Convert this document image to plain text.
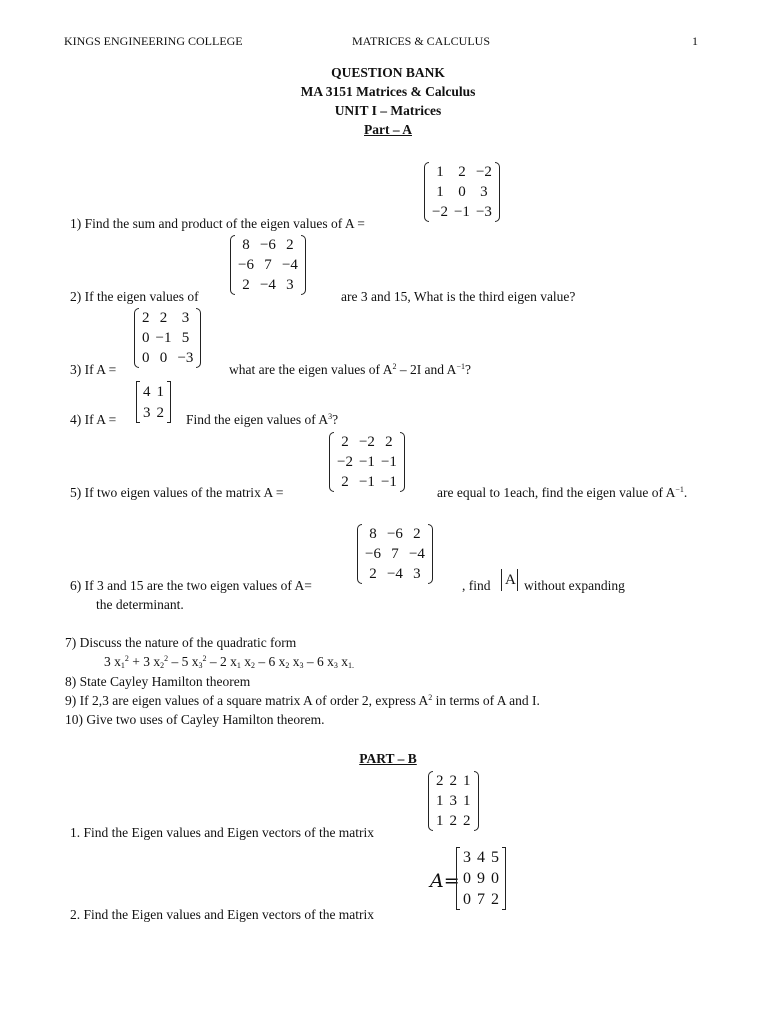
KINGS ENGINEERING COLLEGE	MATRICES & CALCULUS	1
QUESTION BANK
MA 3151 Matrices & Calculus
UNIT I – Matrices
Part – A
1) Find the sum and product of the eigen values of A =
1	2	−2
1	0	3
−2	−1	−3
2) If the eigen values of
8	−6	2
−6	7	−4
2	−4	3
are 3 and 15, What is the third eigen value?
3) If A =
2	2	3
0	−1	5
0	0	−3
what are the eigen values of $A^2 - 2I$ and $A^{-1}$?
4) If A =
4	1
3	2 Find the eigen values of $A^3$?
5) If two eigen values of the matrix A =
2	−2	2
−2	−1	−1
2	−1	−1
are equal to 1each, find the eigen value of $A^{-1}$.
6) If 3 and 15 are the two eigen values of A=
8	−6	2
−6	7	−4
2	−4	3
, find A without expanding
the determinant.
7) Discuss the nature of the quadratic form
3 $x_1^2 + 3$ $x_2^2 - 5$ $x_3^2 - 2$ $x_1$ $x_2 - 6$ $x_2$ $x_3 - 6$ $x_3$ $x_{1.}$
8) State Cayley Hamilton theorem
9) If 2,3 are eigen values of a square matrix A of order 2, express $A^2$ in terms of A and I.
10) Give two uses of Cayley Hamilton theorem.
PART – B
1. Find the Eigen values and Eigen vectors of the matrix
2	2	1
1	3	1
1	2	2
2. Find the Eigen values and Eigen vectors of the matrix
A=
3	4	5
0	9	0
0	7	2
